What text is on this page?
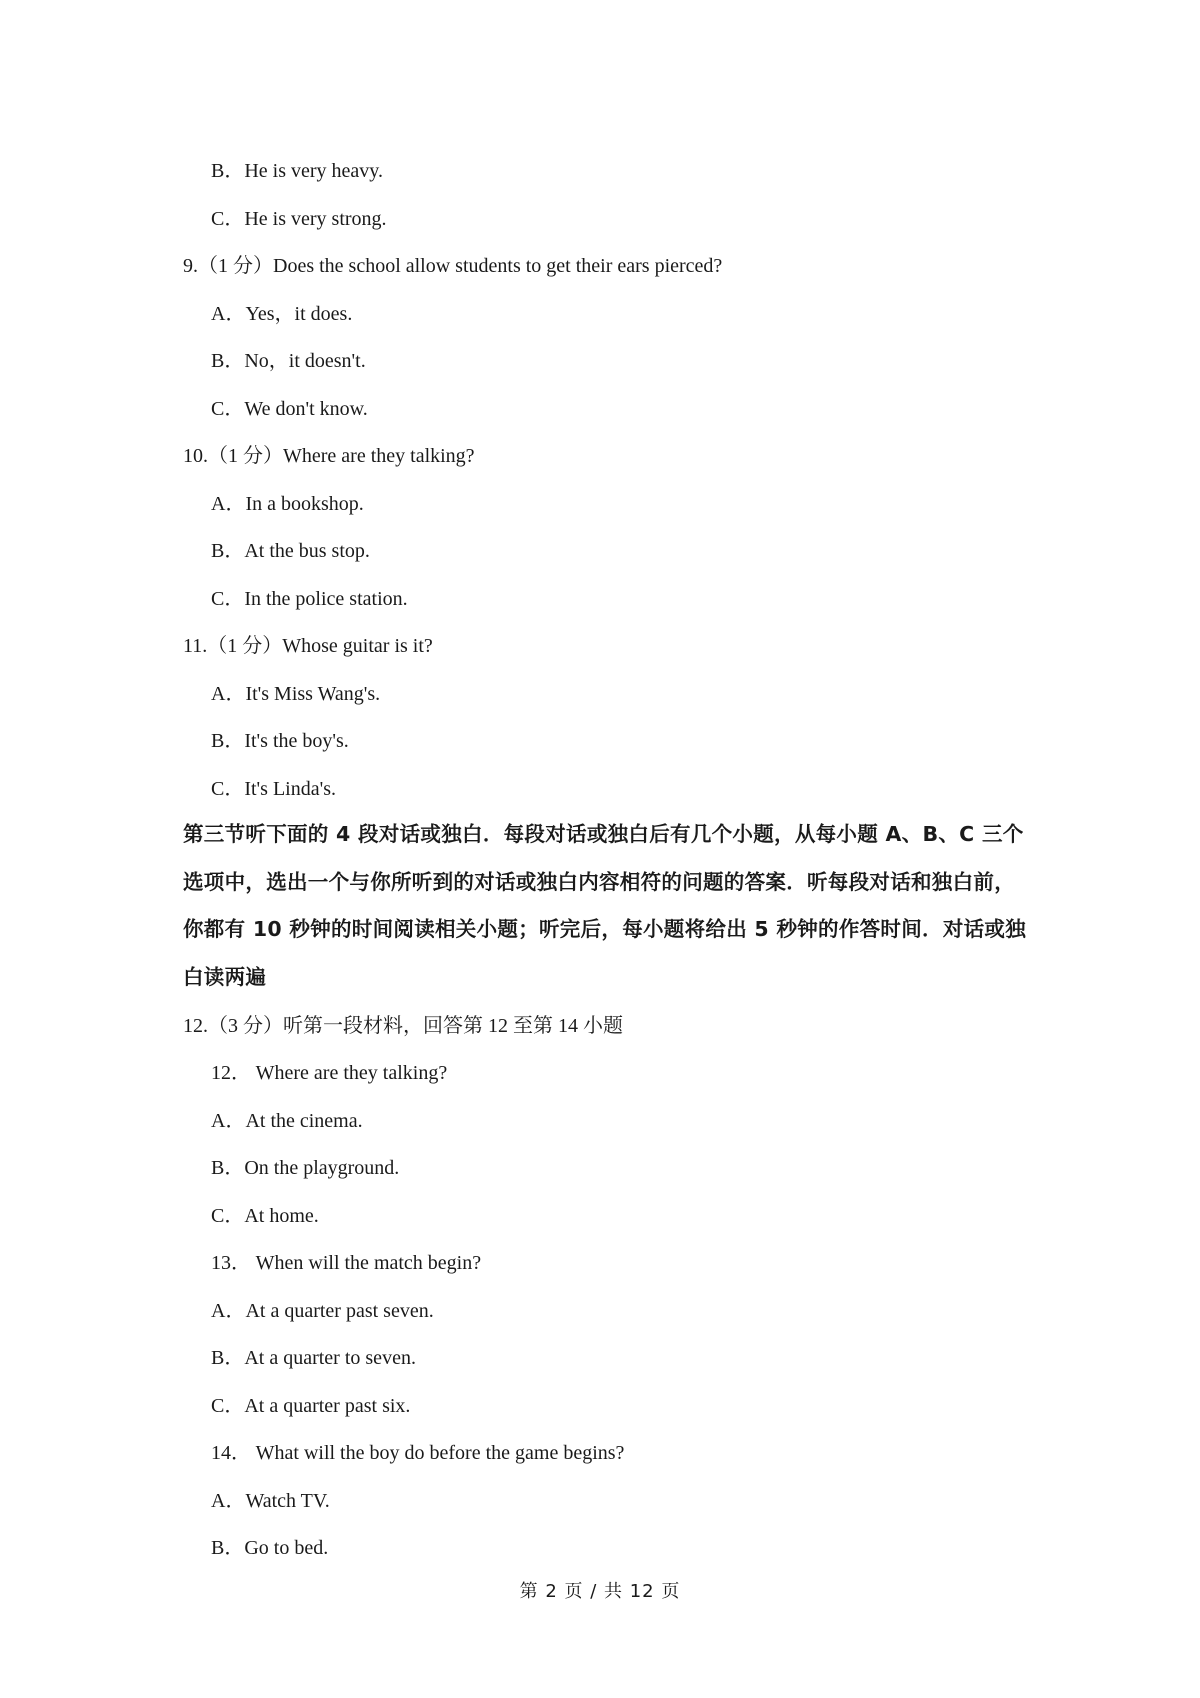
B．He is very heavy.
C．He is very strong.
9.（1 分）Does the school allow students to get their ears pierced?
A．Yes，it does.
B．No，it doesn't.
C．We don't know.
10.（1 分）Where are they talking?
A．In a bookshop.
B．At the bus stop.
C．In the police station.
11.（1 分）Whose guitar is it?
A．It's Miss Wang's.
B．It's the boy's.
C．It's Linda's.
第三节听下面的 4 段对话或独白．每段对话或独白后有几个小题，从每小题 A、B、C 三个
选项中，选出一个与你所听到的对话或独白内容相符的问题的答案．听每段对话和独白前，
你都有 10 秒钟的时间阅读相关小题；听完后，每小题将给出 5 秒钟的作答时间．对话或独
白读两遍
12.（3 分）听第一段材料，回答第 12 至第 14 小题
12． Where are they talking?
A．At the cinema.
B．On the playground.
C．At home.
13． When will the match begin?
A．At a quarter past seven.
B．At a quarter to seven.
C．At a quarter past six.
14． What will the boy do before the game begins?
A．Watch TV.
B．Go to bed.
第 2 页 / 共 12 页
